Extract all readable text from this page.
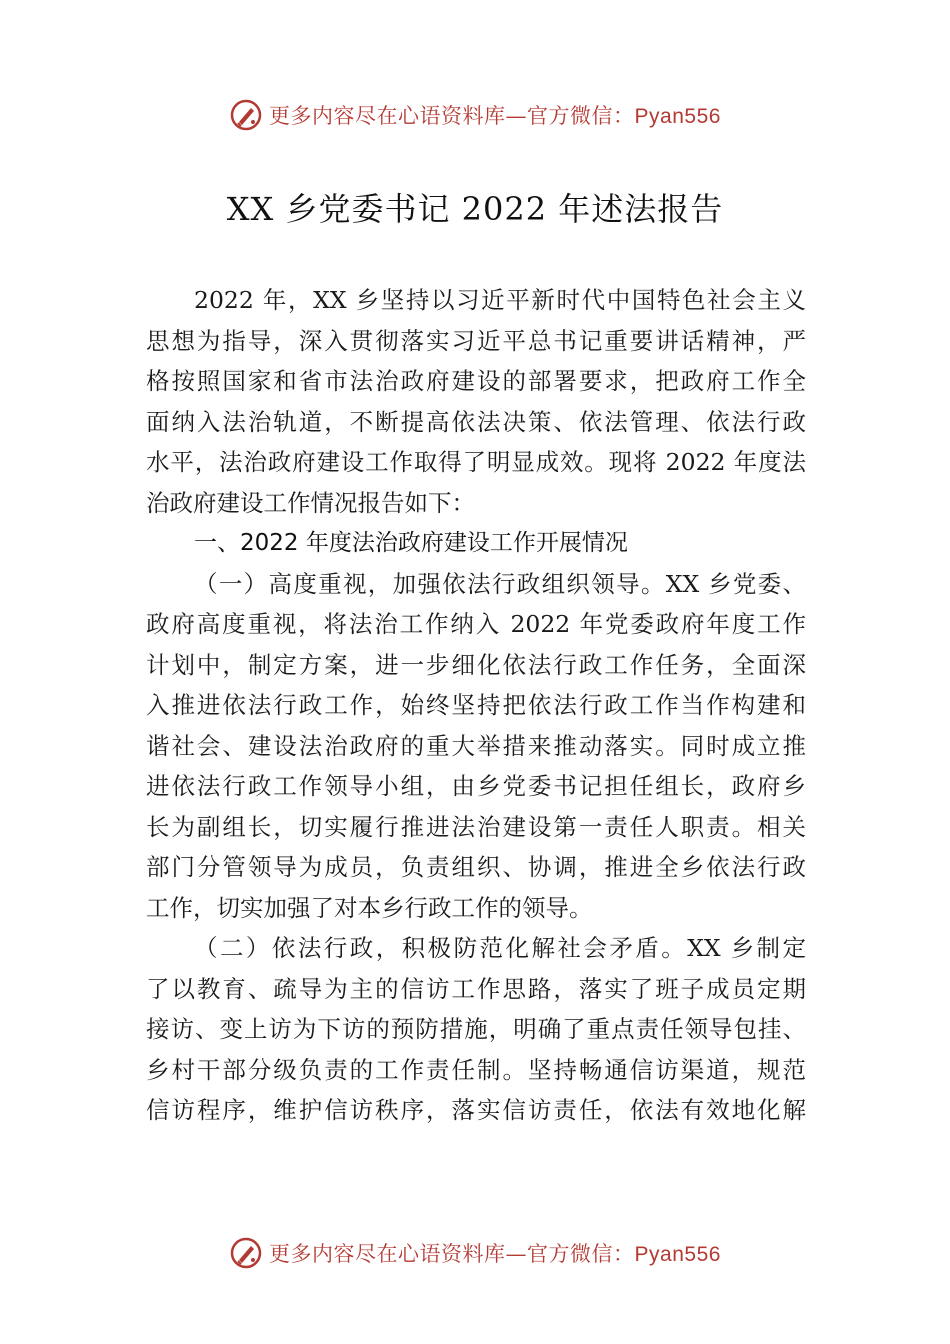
更多内容尽在心语资料库—官方微信：Pyan556
XX 乡党委书记 2022 年述法报告
2022 年，XX 乡坚持以习近平新时代中国特色社会主义
思想为指导，深入贯彻落实习近平总书记重要讲话精神，严
格按照国家和省市法治政府建设的部署要求，把政府工作全
面纳入法治轨道，不断提高依法决策、依法管理、依法行政
水平，法治政府建设工作取得了明显成效。现将 2022 年度法
治政府建设工作情况报告如下：
一、2022 年度法治政府建设工作开展情况
（一）高度重视，加强依法行政组织领导。XX 乡党委、
政府高度重视，将法治工作纳入 2022 年党委政府年度工作
计划中，制定方案，进一步细化依法行政工作任务，全面深
入推进依法行政工作，始终坚持把依法行政工作当作构建和
谐社会、建设法治政府的重大举措来推动落实。同时成立推
进依法行政工作领导小组，由乡党委书记担任组长，政府乡
长为副组长，切实履行推进法治建设第一责任人职责。相关
部门分管领导为成员，负责组织、协调，推进全乡依法行政
工作，切实加强了对本乡行政工作的领导。
（二）依法行政，积极防范化解社会矛盾。XX 乡制定
了以教育、疏导为主的信访工作思路，落实了班子成员定期
接访、变上访为下访的预防措施，明确了重点责任领导包挂、
乡村干部分级负责的工作责任制。坚持畅通信访渠道，规范
信访程序，维护信访秩序，落实信访责任，依法有效地化解
更多内容尽在心语资料库—官方微信：Pyan556
